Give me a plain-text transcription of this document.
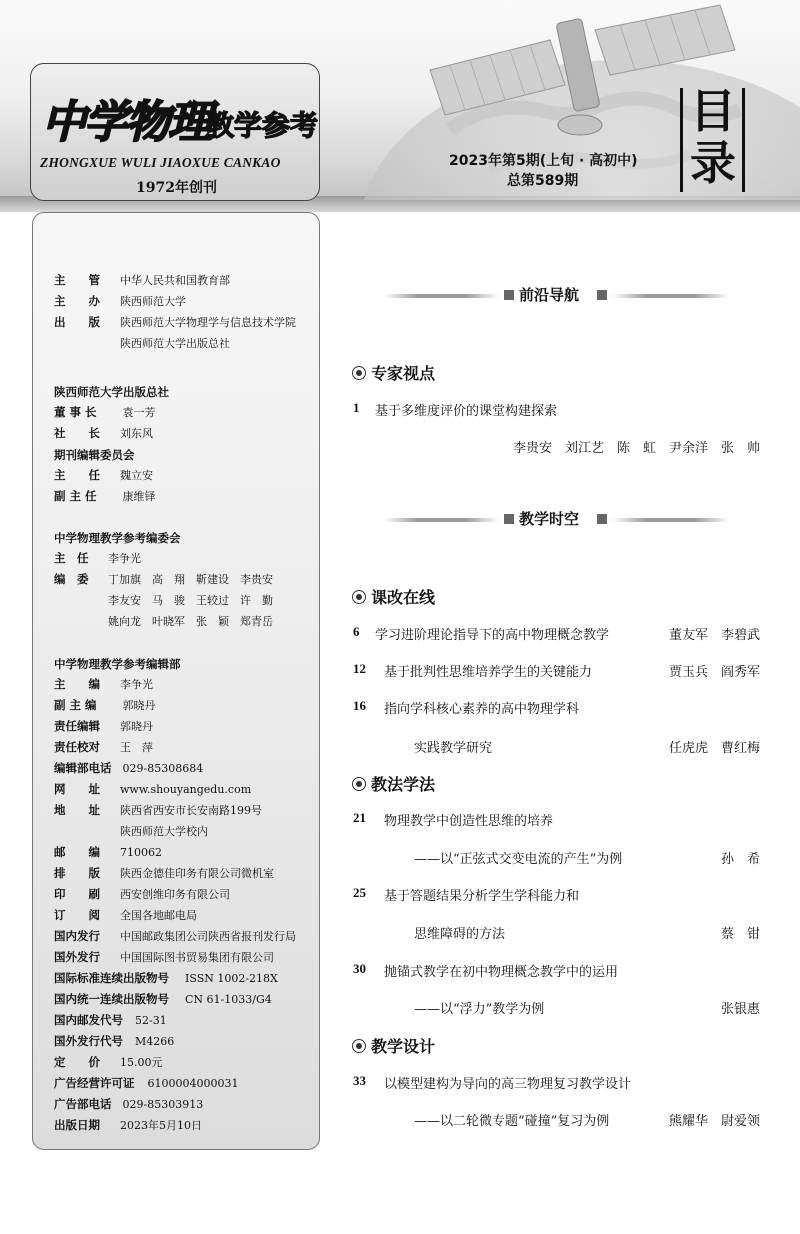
中学物理
教学参考
ZHONGXUE WULI JIAOXUE CANKAO
1972年创刊
2023年第5期(上旬 · 高初中)
总第589期
目录
主　　管 中华人民共和国教育部
主　　办 陕西师范大学
出　　版 陕西师范大学物理学与信息技术学院
陕西师范大学出版总社
陕西师范大学出版总社
董 事 长 袁一芳
社　　长 刘东风
期刊编辑委员会
主　　任 魏立安
副 主 任 康维铎
中学物理教学参考编委会
主　任 李争光
编　委 丁加旗　高　翔　靳建设　李贵安
李友安　马　骏　王较过　许　勤
姚向龙　叶晓军　张　颖　郑青岳
中学物理教学参考编辑部
主　　编 李争光
副 主 编 郭晓丹
责任编辑 郭晓丹
责任校对 王　萍
编辑部电话 029-85308684
网　　址 www.shouyangedu.com
地　　址 陕西省西安市长安南路199号
陕西师范大学校内
邮　　编 710062
排　　版 陕西金德佳印务有限公司微机室
印　　刷 西安创维印务有限公司
订　　阅 全国各地邮电局
国内发行 中国邮政集团公司陕西省报刊发行局
国外发行 中国国际图书贸易集团有限公司
国际标准连续出版物号 ISSN 1002-218X
国内统一连续出版物号 CN 61-1033/G4
国内邮发代号 52-31
国外发行代号 M4266
定　　价 15.00元
广告经营许可证 6100004000031
广告部电话 029-85303913
出版日期 2023年5月10日
前沿导航
专家视点
1 基于多维度评价的课堂构建探索
李贵安　刘江艺　陈　虹　尹余洋　张　帅
教学时空
课改在线
6 学习进阶理论指导下的高中物理概念教学	董友军　李碧武
12 基于批判性思维培养学生的关键能力	贾玉兵　阎秀军
16 指向学科核心素养的高中物理学科
实践教学研究	任虎虎　曹红梅
教法学法
21 物理教学中创造性思维的培养
——以“正弦式交变电流的产生”为例	孙　希
25 基于答题结果分析学生学科能力和
思维障碍的方法	蔡　钳
30 抛锚式教学在初中物理概念教学中的运用
——以“浮力”教学为例	张银惠
教学设计
33 以模型建构为导向的高三物理复习教学设计
——以二轮微专题“碰撞”复习为例	熊耀华　尉爱领
